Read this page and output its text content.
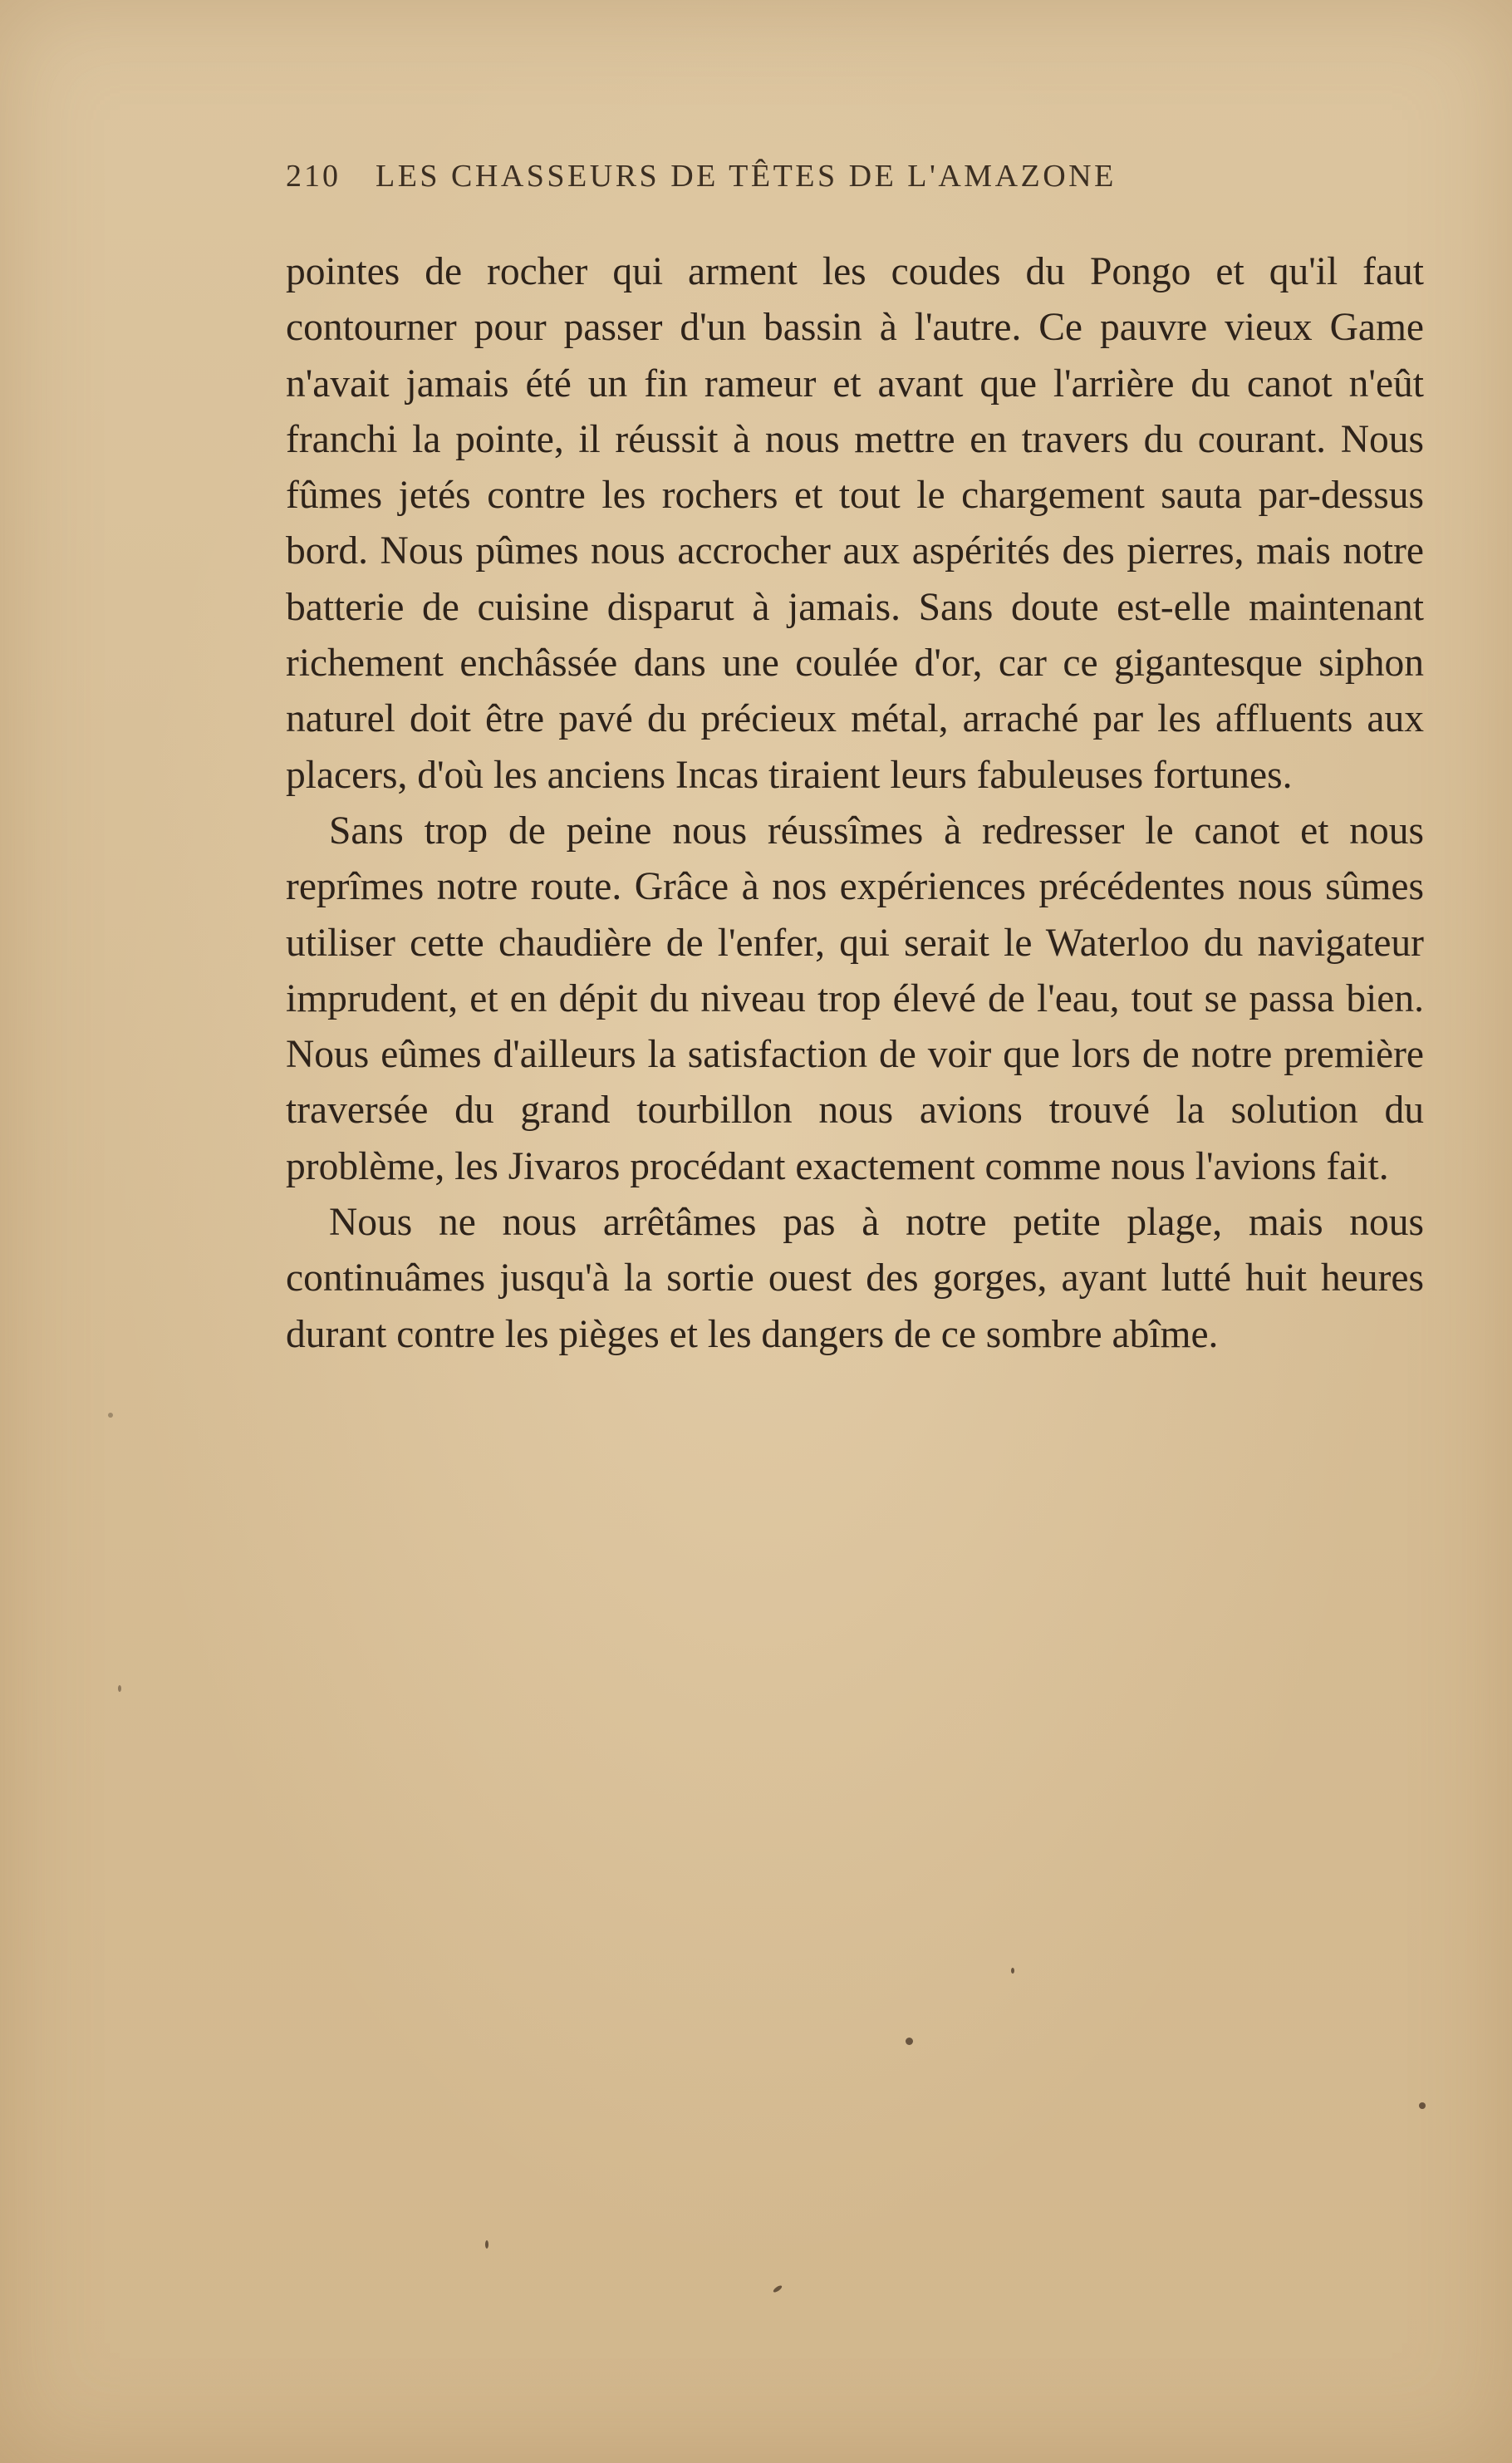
210 LES CHASSEURS DE TÊTES DE L'AMAZONE

pointes de rocher qui arment les coudes du Pongo et qu'il faut contourner pour passer d'un bassin à l'autre. Ce pauvre vieux Game n'avait jamais été un fin rameur et avant que l'arrière du canot n'eût franchi la pointe, il réussit à nous mettre en travers du courant. Nous fûmes jetés contre les rochers et tout le chargement sauta par-dessus bord. Nous pûmes nous accrocher aux aspérités des pierres, mais notre batterie de cuisine disparut à jamais. Sans doute est-elle maintenant richement enchâssée dans une coulée d'or, car ce gigantesque siphon naturel doit être pavé du précieux métal, arraché par les affluents aux placers, d'où les anciens Incas tiraient leurs fabuleuses fortunes.

Sans trop de peine nous réussîmes à redresser le canot et nous reprîmes notre route. Grâce à nos expériences précédentes nous sûmes utiliser cette chaudière de l'enfer, qui serait le Waterloo du navigateur imprudent, et en dépit du niveau trop élevé de l'eau, tout se passa bien. Nous eûmes d'ailleurs la satisfaction de voir que lors de notre première traversée du grand tourbillon nous avions trouvé la solution du problème, les Jivaros procédant exactement comme nous l'avions fait.

Nous ne nous arrêtâmes pas à notre petite plage, mais nous continuâmes jusqu'à la sortie ouest des gorges, ayant lutté huit heures durant contre les pièges et les dangers de ce sombre abîme.
